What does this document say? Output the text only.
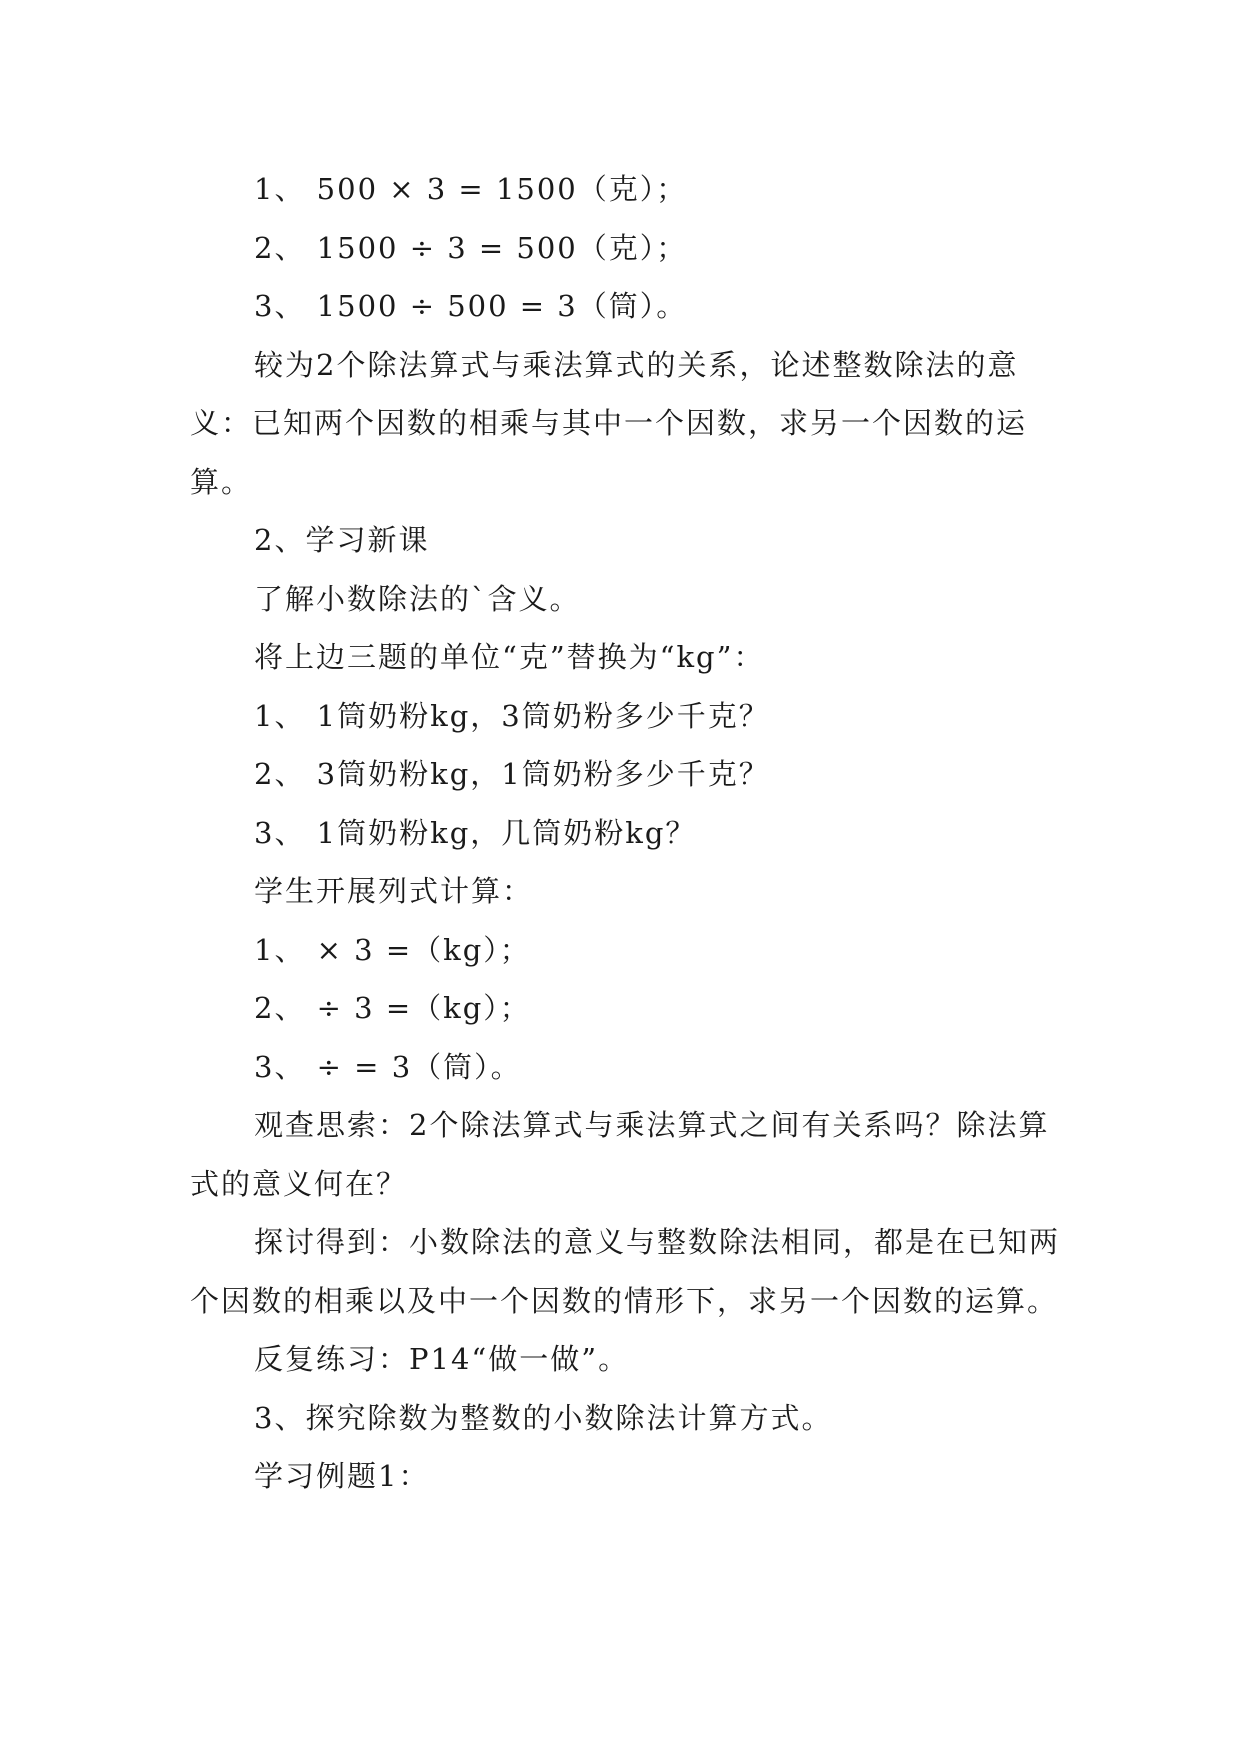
1、 500 × 3 = 1500（克）；

2、 1500 ÷ 3 = 500（克）；

3、 1500 ÷ 500 = 3（筒）。

较为2个除法算式与乘法算式的关系，论述整数除法的意义：已知两个因数的相乘与其中一个因数，求另一个因数的运算。

2、学习新课

了解小数除法的`含义。

将上边三题的单位“克”替换为“kg”：

1、 1筒奶粉kg，3筒奶粉多少千克？

2、 3筒奶粉kg，1筒奶粉多少千克？

3、 1筒奶粉kg，几筒奶粉kg？

学生开展列式计算：

1、 × 3 =（kg）；

2、 ÷ 3 =（kg）；

3、 ÷ = 3（筒）。

观查思索：2个除法算式与乘法算式之间有关系吗？除法算式的意义何在？

探讨得到：小数除法的意义与整数除法相同，都是在已知两个因数的相乘以及中一个因数的情形下，求另一个因数的运算。

反复练习：P14“做一做”。

3、探究除数为整数的小数除法计算方式。

学习例题1：
